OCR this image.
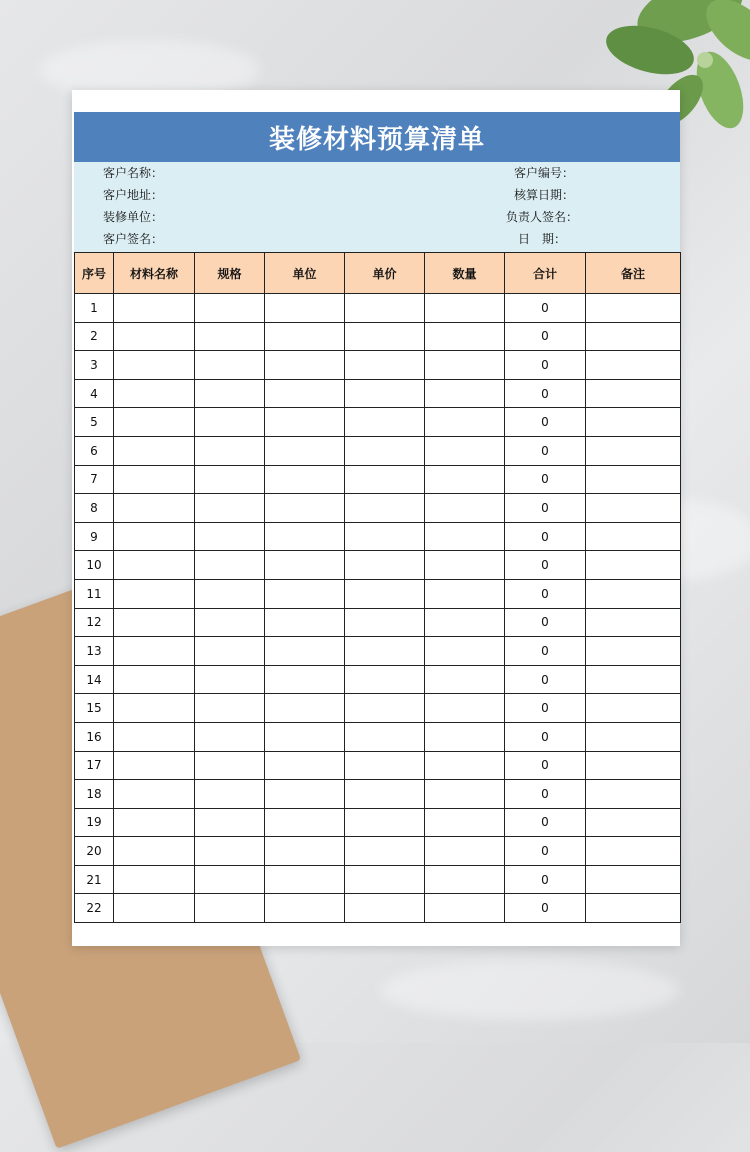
装修材料预算清单
客户名称：
客户地址：
装修单位：
客户签名：
客户编号：
核算日期：
负责人签名：
日　期：
序号	材料名称	规格	单位	单价	数量	合计	备注
1						0	
2						0	
3						0	
4						0	
5						0	
6						0	
7						0	
8						0	
9						0	
10						0	
11						0	
12						0	
13						0	
14						0	
15						0	
16						0	
17						0	
18						0	
19						0	
20						0	
21						0	
22						0	
